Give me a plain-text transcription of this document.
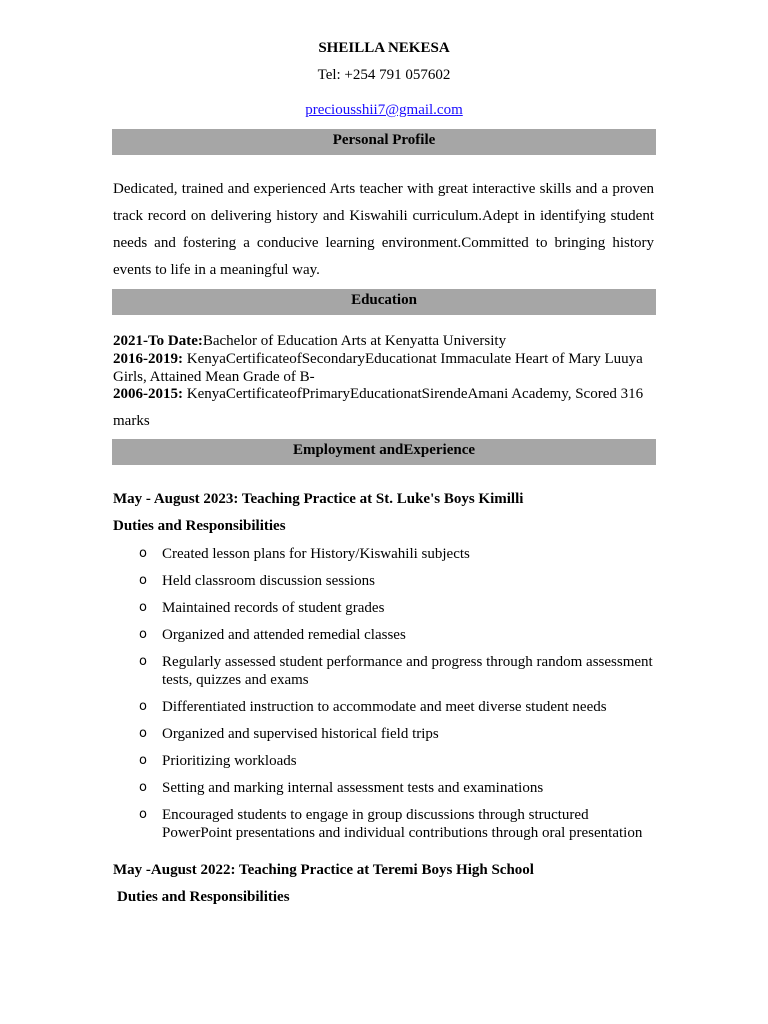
SHEILLA NEKESA
Tel: +254 791 057602
preciousshii7@gmail.com
Personal Profile
Dedicated, trained and experienced Arts teacher with great interactive skills and a proven track record on delivering history and Kiswahili curriculum.Adept in identifying student needs and fostering a conducive learning environment.Committed to bringing history events to life in a meaningful way.
Education
2021-To Date:Bachelor of Education Arts at Kenyatta University
2016-2019: KenyaCertificateofSecondaryEducationat Immaculate Heart of Mary Luuya Girls, Attained Mean Grade of B-
2006-2015: KenyaCertificateofPrimaryEducationatSirendeAmani Academy, Scored 316 marks
Employment andExperience
May - August 2023: Teaching Practice at St. Luke's Boys Kimilli
Duties and Responsibilities
o Created lesson plans for History/Kiswahili subjects
o Held classroom discussion sessions
o Maintained records of student grades
o Organized and attended remedial classes
o Regularly assessed student performance and progress through random assessment tests, quizzes and exams
o Differentiated instruction to accommodate and meet diverse student needs
o Organized and supervised historical field trips
o Prioritizing workloads
o Setting and marking internal assessment tests and examinations
o Encouraged students to engage in group discussions through structured PowerPoint presentations and individual contributions through oral presentation
May -August 2022: Teaching Practice at Teremi Boys High School
Duties and Responsibilities
